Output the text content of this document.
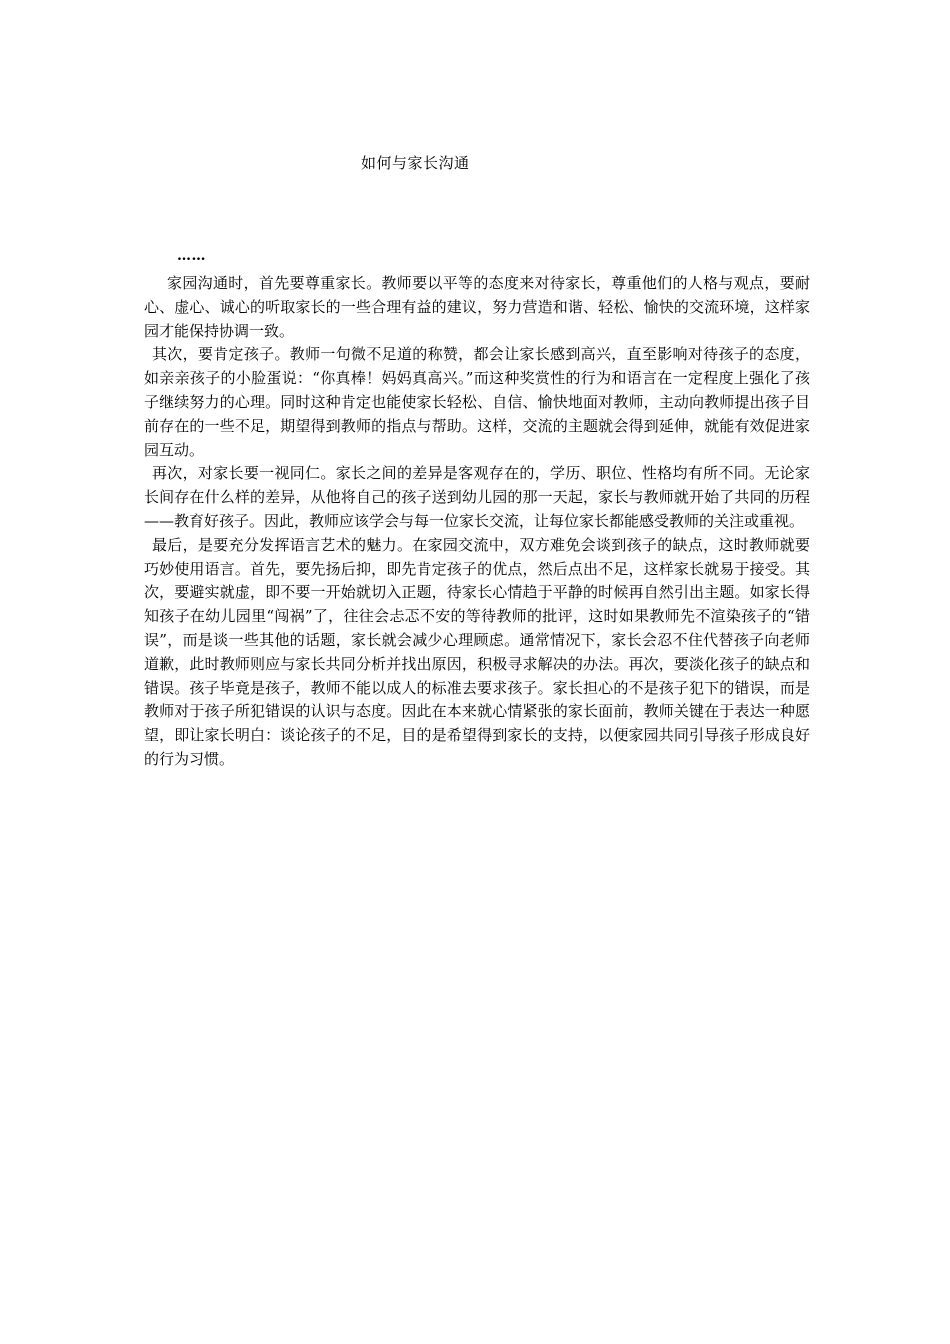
如何与家长沟通
……

家园沟通时，首先要尊重家长。教师要以平等的态度来对待家长，尊重他们的人格与观点，要耐心、虚心、诚心的听取家长的一些合理有益的建议，努力营造和谐、轻松、愉快的交流环境，这样家园才能保持协调一致。

其次，要肯定孩子。教师一句微不足道的称赞，都会让家长感到高兴，直至影响对待孩子的态度，如亲亲孩子的小脸蛋说：“你真棒！妈妈真高兴。”而这种奖赏性的行为和语言在一定程度上强化了孩子继续努力的心理。同时这种肯定也能使家长轻松、自信、愉快地面对教师，主动向教师提出孩子目前存在的一些不足，期望得到教师的指点与帮助。这样，交流的主题就会得到延伸，就能有效促进家园互动。

再次，对家长要一视同仁。家长之间的差异是客观存在的，学历、职位、性格均有所不同。无论家长间存在什么样的差异，从他将自己的孩子送到幼儿园的那一天起，家长与教师就开始了共同的历程——教育好孩子。因此，教师应该学会与每一位家长交流，让每位家长都能感受教师的关注或重视。

最后，是要充分发挥语言艺术的魅力。在家园交流中，双方难免会谈到孩子的缺点，这时教师就要巧妙使用语言。首先，要先扬后抑，即先肯定孩子的优点，然后点出不足，这样家长就易于接受。其次，要避实就虚，即不要一开始就切入正题，待家长心情趋于平静的时候再自然引出主题。如家长得知孩子在幼儿园里“闯祸”了，往往会忐忑不安的等待教师的批评，这时如果教师先不渲染孩子的“错误”，而是谈一些其他的话题，家长就会减少心理顾虑。通常情况下，家长会忍不住代替孩子向老师道歉，此时教师则应与家长共同分析并找出原因，积极寻求解决的办法。再次，要淡化孩子的缺点和错误。孩子毕竟是孩子，教师不能以成人的标准去要求孩子。家长担心的不是孩子犯下的错误，而是教师对于孩子所犯错误的认识与态度。因此在本来就心情紧张的家长面前，教师关键在于表达一种愿望，即让家长明白：谈论孩子的不足，目的是希望得到家长的支持，以便家园共同引导孩子形成良好的行为习惯。
